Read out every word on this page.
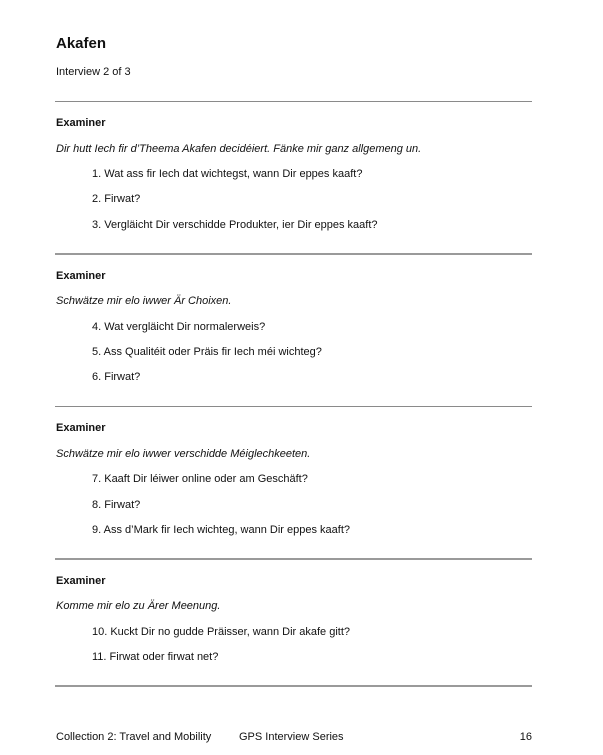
Akafen
Interview 2 of 3
Examiner
Dir hutt Iech fir d’Theema Akafen decidéiert. Fänke mir ganz allgemeng un.
1. Wat ass fir Iech dat wichtegst, wann Dir eppes kaaft?
2. Firwat?
3. Vergläicht Dir verschidde Produkter, ier Dir eppes kaaft?
Examiner
Schwätze mir elo iwwer Är Choixen.
4. Wat vergläicht Dir normalerweis?
5. Ass Qualitéit oder Präis fir Iech méi wichteg?
6. Firwat?
Examiner
Schwätze mir elo iwwer verschidde Méiglechkeeten.
7. Kaaft Dir léiwer online oder am Geschäft?
8. Firwat?
9. Ass d’Mark fir Iech wichteg, wann Dir eppes kaaft?
Examiner
Komme mir elo zu Ärer Meenung.
10. Kuckt Dir no gudde Präisser, wann Dir akafe gitt?
11. Firwat oder firwat net?
Collection 2: Travel and Mobility	GPS Interview Series	16
